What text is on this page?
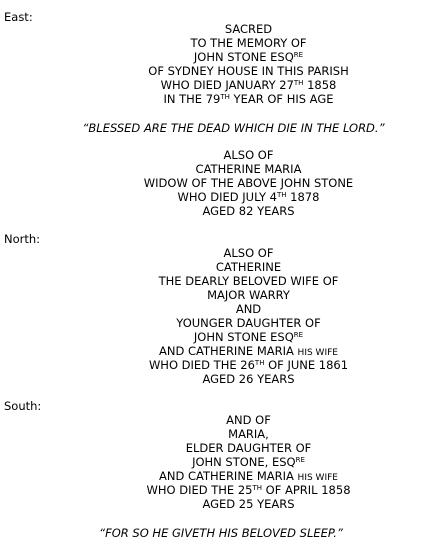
East:

SACRED
TO THE MEMORY OF
JOHN STONE $ESQ^{RE}$
OF SYDNEY HOUSE IN THIS PARISH
WHO DIED JANUARY 27TH 1858
IN THE 79TH YEAR OF HIS AGE
“BLESSED ARE THE DEAD WHICH DIE IN THE LORD.”
ALSO OF
CATHERINE MARIA
WIDOW OF THE ABOVE JOHN STONE
WHO DIED JULY 4TH 1878
AGED 82 YEARS

North:

ALSO OF
CATHERINE
THE DEARLY BELOVED WIFE OF
MAJOR WARRY
AND
YOUNGER DAUGHTER OF
JOHN STONE $ESQ^{RE}$
AND CATHERINE MARIA HIS WIFE
WHO DIED THE 26TH OF JUNE 1861
AGED 26 YEARS

South:

AND OF
MARIA,
ELDER DAUGHTER OF
JOHN STONE, $ESQ^{RE}$
AND CATHERINE MARIA HIS WIFE
WHO DIED THE 25TH OF APRIL 1858
AGED 25 YEARS
“FOR SO HE GIVETH HIS BELOVED SLEEP.”
